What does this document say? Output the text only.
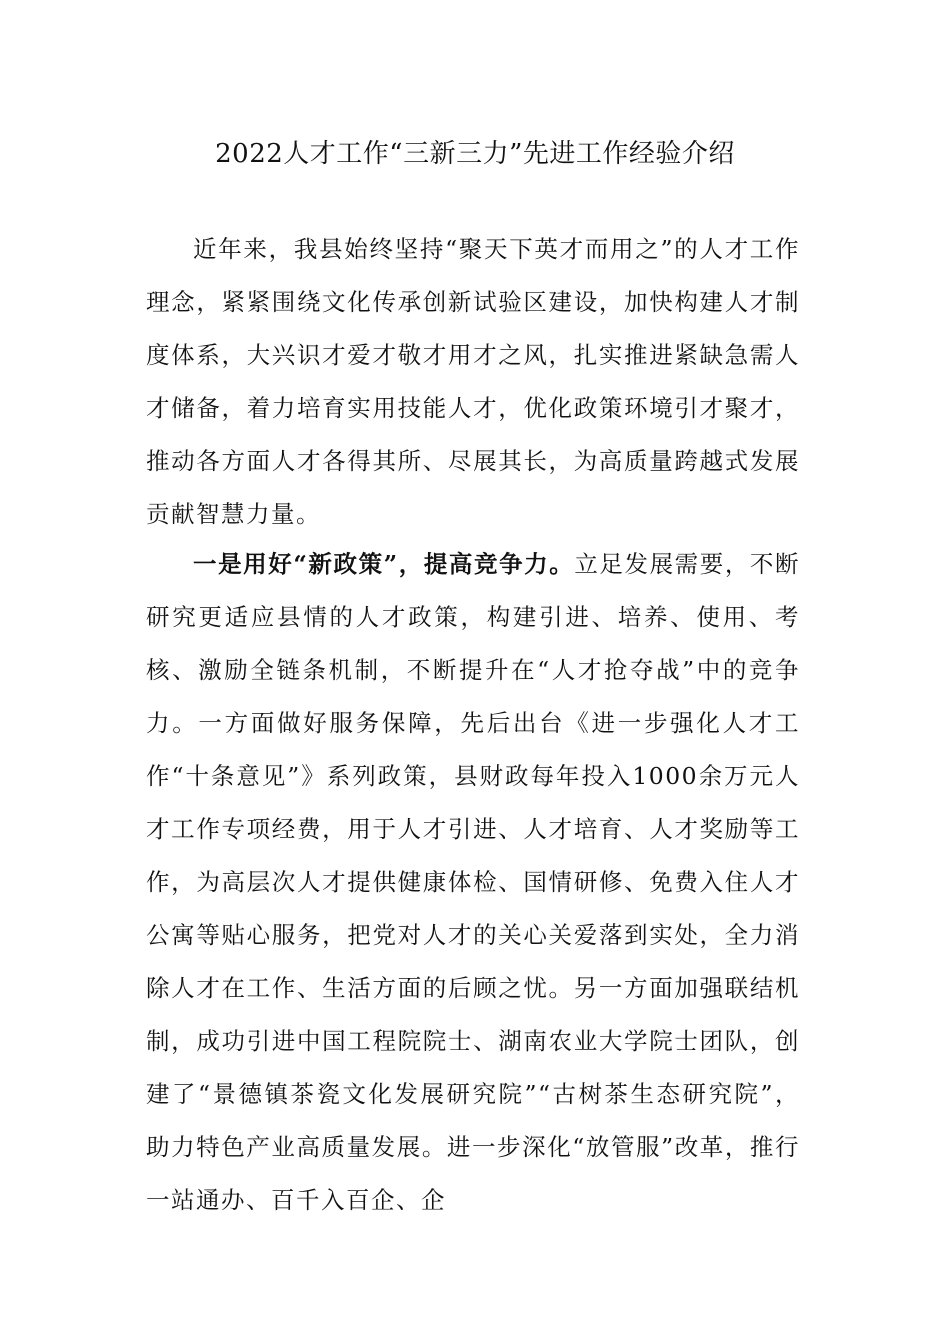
2022人才工作“三新三力”先进工作经验介绍

近年来，我县始终坚持“聚天下英才而用之”的人才工作理念，紧紧围绕文化传承创新试验区建设，加快构建人才制度体系，大兴识才爱才敬才用才之风，扎实推进紧缺急需人才储备，着力培育实用技能人才，优化政策环境引才聚才，推动各方面人才各得其所、尽展其长，为高质量跨越式发展贡献智慧力量。

一是用好“新政策”，提高竞争力。立足发展需要，不断研究更适应县情的人才政策，构建引进、培养、使用、考核、激励全链条机制，不断提升在“人才抢夺战”中的竞争力。一方面做好服务保障，先后出台《进一步强化人才工作“十条意见”》系列政策，县财政每年投入1000余万元人才工作专项经费，用于人才引进、人才培育、人才奖励等工作，为高层次人才提供健康体检、国情研修、免费入住人才公寓等贴心服务，把党对人才的关心关爱落到实处，全力消除人才在工作、生活方面的后顾之忧。另一方面加强联结机制，成功引进中国工程院院士、湖南农业大学院士团队，创建了“景德镇茶瓷文化发展研究院”“古树茶生态研究院”，助力特色产业高质量发展。进一步深化“放管服”改革，推行一站通办、百千入百企、企
